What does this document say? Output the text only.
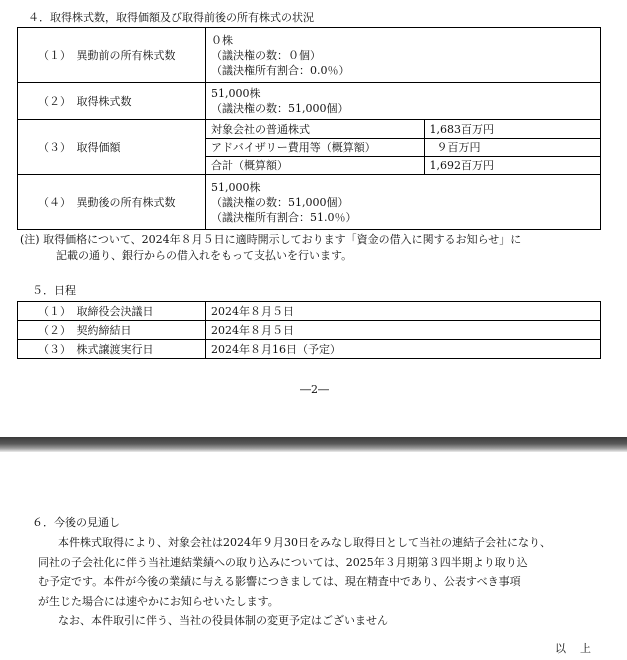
４．取得株式数，取得価額及び取得前後の所有株式の状況
（１）　異動前の所有株式数	
０株
（議決権の数：０個）
（議決権所有割合：0.0％）

（２）　取得株式数	
51,000株
（議決権の数：51,000個）

（３）　取得価額	
対象会社の普通株式	1,683百万円
アドバイザリー費用等（概算額）	９百万円
合計（概算額）	1,692百万円

（４）　異動後の所有株式数	
51,000株
（議決権の数：51,000個）
（議決権所有割合：51.0％）
(注) 取得価格について、2024年８月５日に適時開示しております「資金の借入に関するお知らせ」に
記載の通り、銀行からの借入れをもって支払いを行います。
５．日程
（１）　取締役会決議日	2024年８月５日
（２）　契約締結日	2024年８月５日
（３）　株式譲渡実行日	2024年８月16日（予定）
―2―
６．今後の見通し

本件株式取得により、対象会社は2024年９月30日をみなし取得日として当社の連結子会社になり、

同社の子会社化に伴う当社連結業績への取り込みについては、2025年３月期第３四半期より取り込

む予定です。本件が今後の業績に与える影響につきましては、現在精査中であり、公表すべき事項

が生じた場合には速やかにお知らせいたします。

なお、本件取引に伴う、当社の役員体制の変更予定はございません

以上
